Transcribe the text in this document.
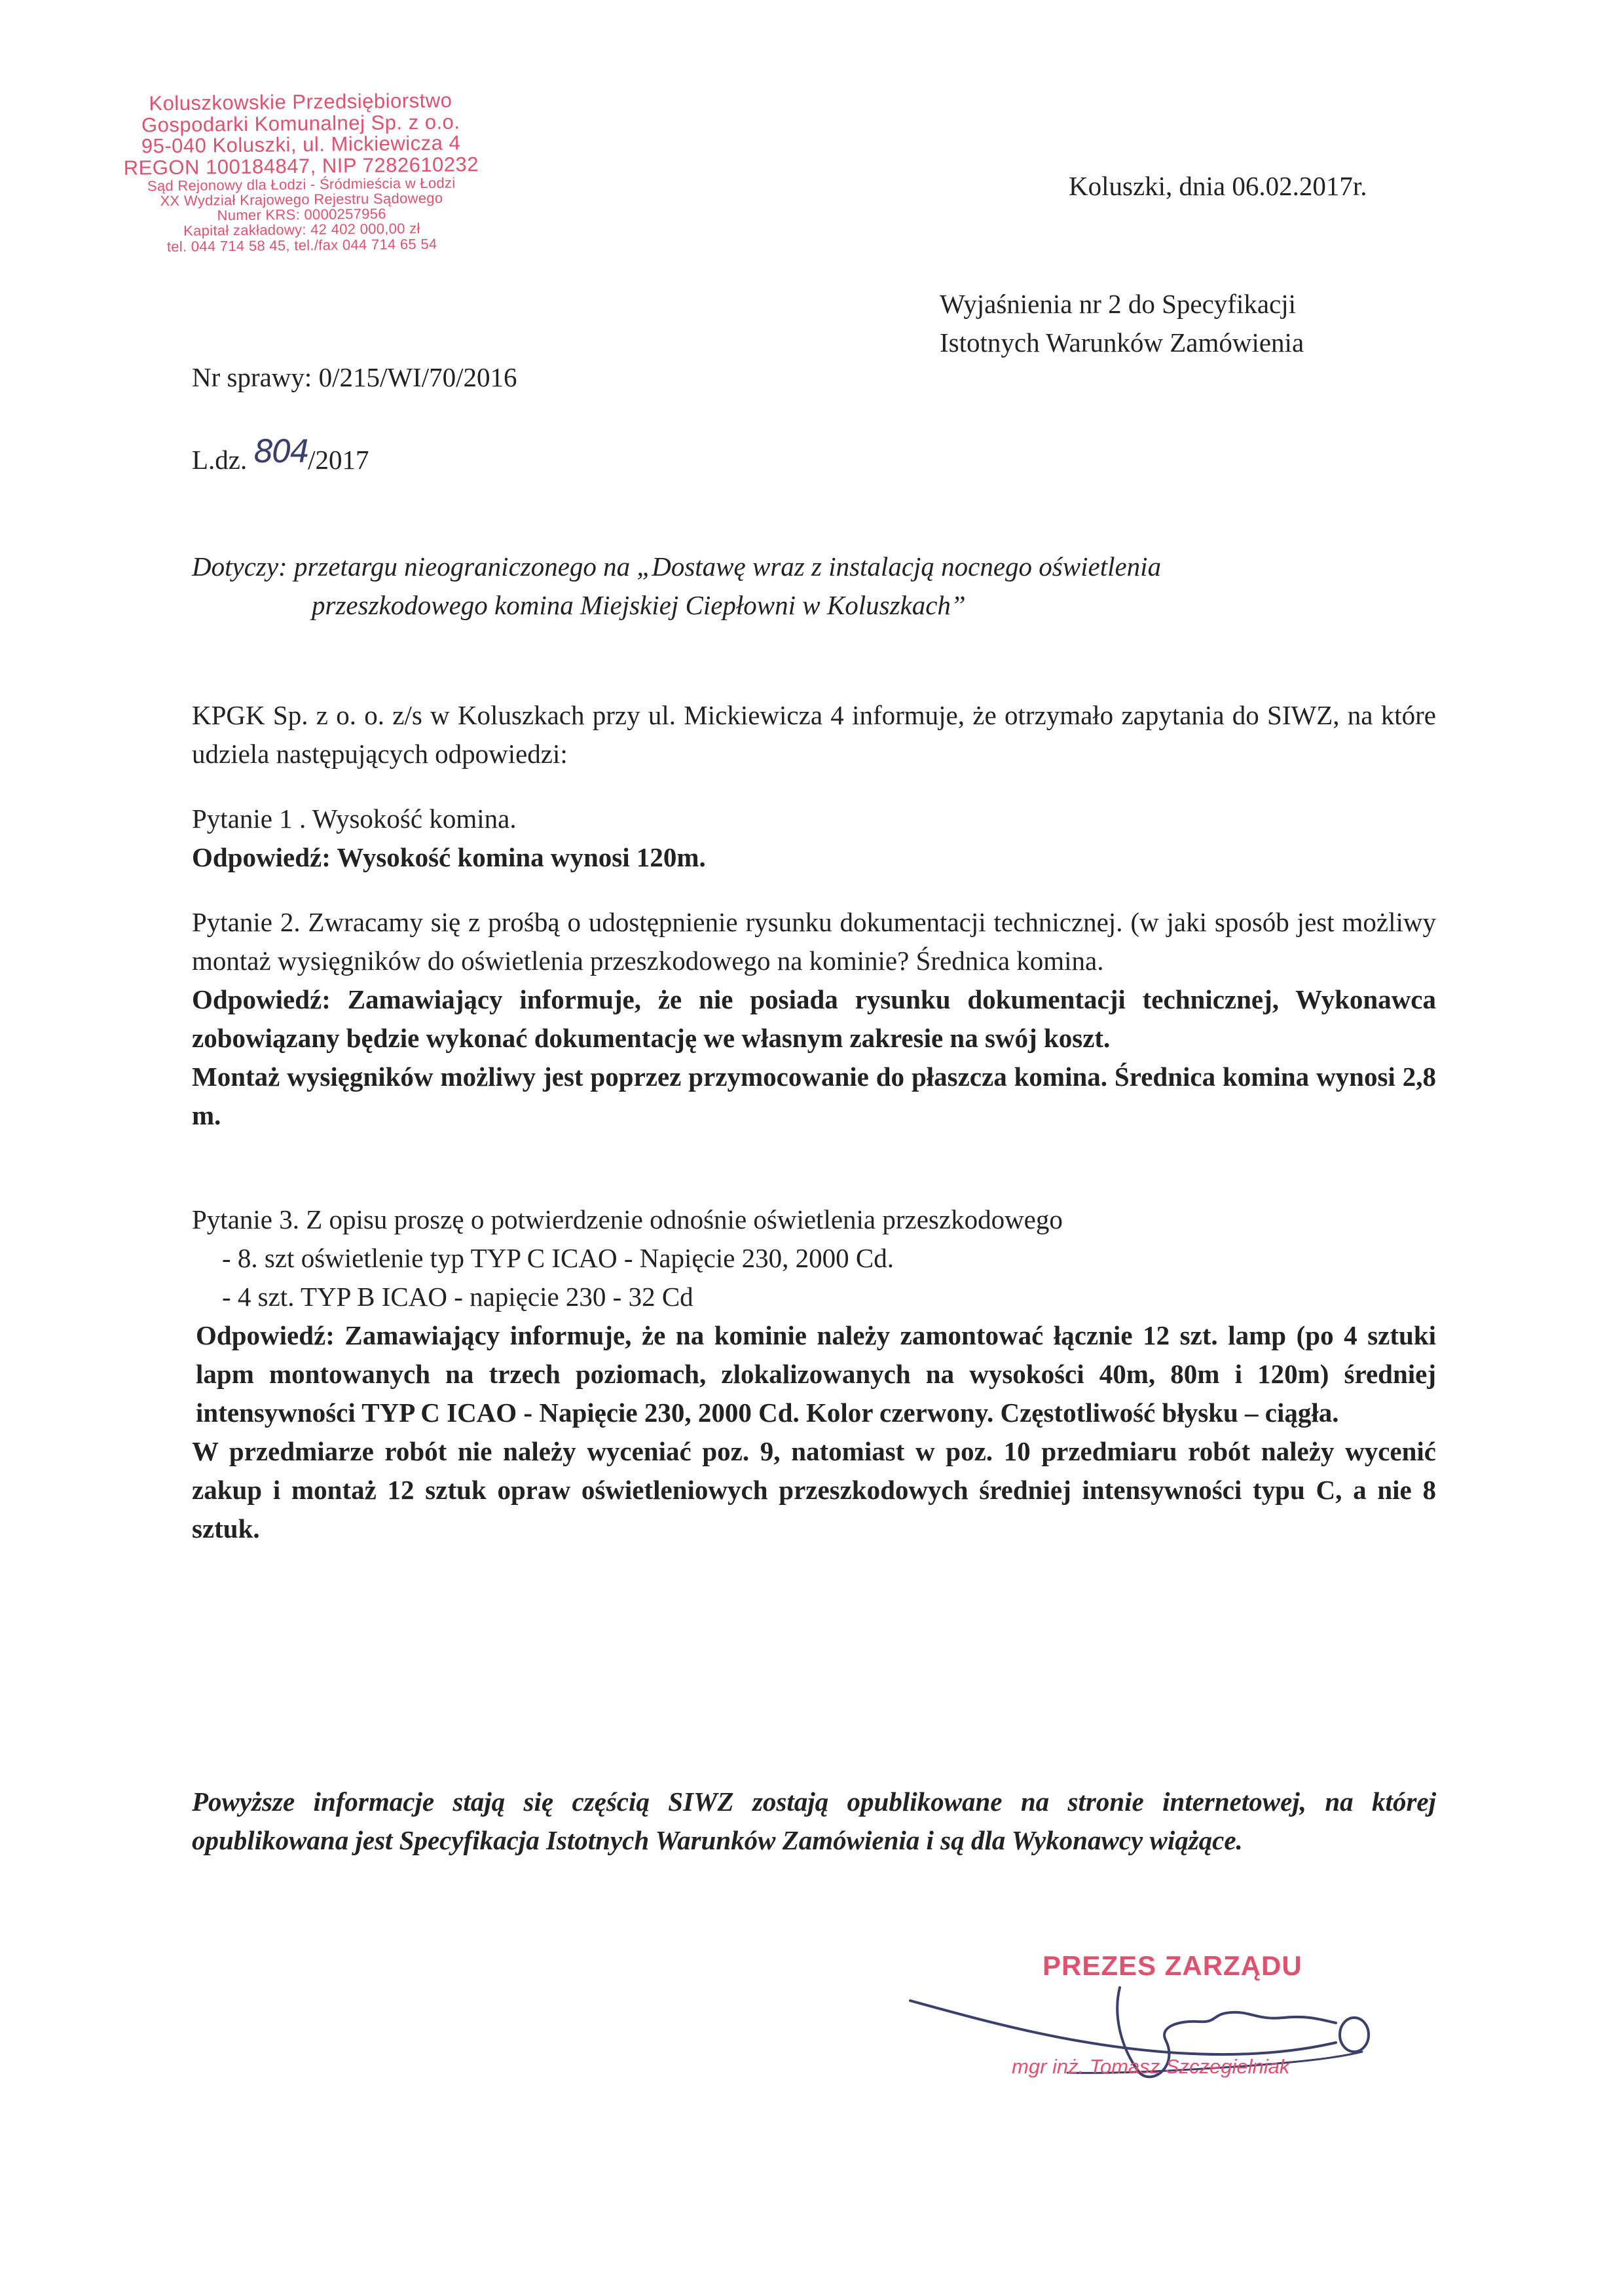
Koluszkowskie Przedsiębiorstwo
Gospodarki Komunalnej Sp. z o.o.
95-040 Koluszki, ul. Mickiewicza 4
REGON 100184847, NIP 7282610232
Sąd Rejonowy dla Łodzi - Śródmieścia w Łodzi
XX Wydział Krajowego Rejestru Sądowego
Numer KRS: 0000257956
Kapitał zakładowy: 42 402 000,00 zł
tel. 044 714 58 45, tel./fax 044 714 65 54
Koluszki, dnia 06.02.2017r.
Wyjaśnienia nr 2 do Specyfikacji
Istotnych Warunków Zamówienia
Nr sprawy: 0/215/WI/70/2016
L.dz. 804/2017
Dotyczy: przetargu nieograniczonego na „Dostawę wraz z instalacją nocnego oświetlenia
przeszkodowego komina Miejskiej Ciepłowni w Koluszkach”

KPGK Sp. z o. o. z/s w Koluszkach przy ul. Mickiewicza 4 informuje, że otrzymało zapytania do SIWZ, na które udziela następujących odpowiedzi:

Pytanie 1 . Wysokość komina.

Odpowiedź: Wysokość komina wynosi 120m.

Pytanie 2. Zwracamy się z prośbą o udostępnienie rysunku dokumentacji technicznej. (w jaki sposób jest możliwy montaż wysięgników do oświetlenia przeszkodowego na kominie? Średnica komina.

Odpowiedź: Zamawiający informuje, że nie posiada rysunku dokumentacji technicznej, Wykonawca zobowiązany będzie wykonać dokumentację we własnym zakresie na swój koszt.

Montaż wysięgników możliwy jest poprzez przymocowanie do płaszcza komina. Średnica komina wynosi 2,8 m.

Pytanie 3. Z opisu proszę o potwierdzenie odnośnie oświetlenia przeszkodowego

- 8. szt oświetlenie typ TYP C ICAO - Napięcie 230, 2000 Cd.

- 4 szt. TYP B ICAO - napięcie 230 - 32 Cd

Odpowiedź: Zamawiający informuje, że na kominie należy zamontować łącznie 12 szt. lamp (po 4 sztuki lapm montowanych na trzech poziomach, zlokalizowanych na wysokości 40m, 80m i 120m) średniej intensywności TYP C ICAO - Napięcie 230, 2000 Cd. Kolor czerwony. Częstotliwość błysku – ciągła.

W przedmiarze robót nie należy wyceniać poz. 9, natomiast w poz. 10 przedmiaru robót należy wycenić zakup i montaż 12 sztuk opraw oświetleniowych przeszkodowych średniej intensywności typu C, a nie 8 sztuk.

Powyższe informacje stają się częścią SIWZ zostają opublikowane na stronie internetowej, na której opublikowana jest Specyfikacja Istotnych Warunków Zamówienia i są dla Wykonawcy wiążące.
PREZES ZARZĄDU
mgr inż. Tomasz Szczegielniak
